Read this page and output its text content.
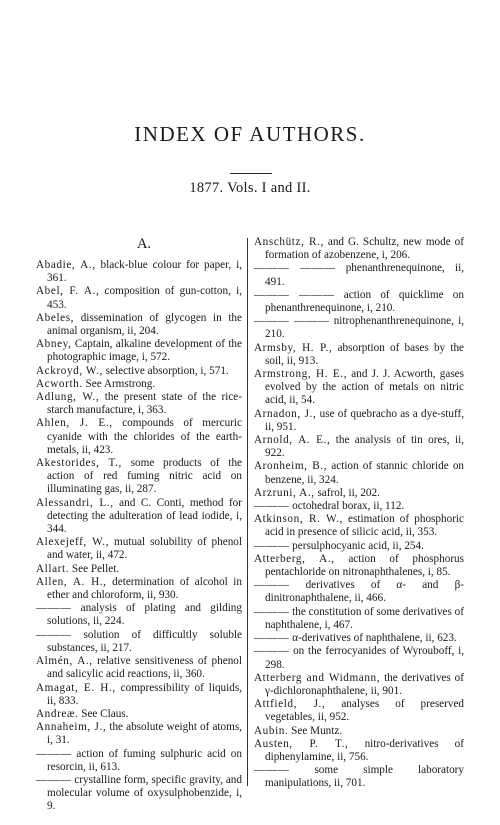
INDEX OF AUTHORS.
1877. Vols. I and II.
A.

Abadie, A., black-blue colour for paper, i, 361.

Abel, F. A., composition of gun-cotton, i, 453.

Abeles, dissemination of glycogen in the animal organism, ii, 204.

Abney, Captain, alkaline development of the photographic image, i, 572.

Ackroyd, W., selective absorption, i, 571.

Acworth. See Armstrong.

Adlung, W., the present state of the rice-starch manufacture, i, 363.

Ahlen, J. E., compounds of mercuric cyanide with the chlorides of the earth-metals, ii, 423.

Akestorides, T., some products of the action of red fuming nitric acid on illuminating gas, ii, 287.

Alessandri, L., and C. Conti, method for detecting the adulteration of lead iodide, i, 344.

Alexejeff, W., mutual solubility of phenol and water, ii, 472.

Allart. See Pellet.

Allen, A. H., determination of alcohol in ether and chloroform, ii, 930.

——— analysis of plating and gilding solutions, ii, 224.

——— solution of difficultly soluble substances, ii, 217.

Almén, A., relative sensitiveness of phenol and salicylic acid reactions, ii, 360.

Amagat, E. H., compressibility of liquids, ii, 833.

Andreæ. See Claus.

Annaheim, J., the absolute weight of atoms, i, 31.

——— action of fuming sulphuric acid on resorcin, ii, 613.

——— crystalline form, specific gravity, and molecular volume of oxysulphobenzide, i, 9.

Anschütz, R., and G. Schultz, new mode of formation of azobenzene, i, 206.

——— ——— phenanthrenequinone, ii, 491.

——— ——— action of quicklime on phenanthrenequinone, i, 210.

——— ——— nitrophenanthrenequinone, i, 210.

Armsby, H. P., absorption of bases by the soil, ii, 913.

Armstrong, H. E., and J. J. Acworth, gases evolved by the action of metals on nitric acid, ii, 54.

Arnadon, J., use of quebracho as a dye-stuff, ii, 951.

Arnold, A. E., the analysis of tin ores, ii, 922.

Aronheim, B., action of stannic chloride on benzene, ii, 324.

Arzruni, A., safrol, ii, 202.

——— octohedral borax, ii, 112.

Atkinson, R. W., estimation of phosphoric acid in presence of silicic acid, ii, 353.

——— persulphocyanic acid, ii, 254.

Atterberg, A., action of phosphorus pentachloride on nitronaphthalenes, i, 85.

——— derivatives of α- and β-dinitronaphthalene, ii, 466.

——— the constitution of some derivatives of naphthalene, i, 467.

——— α-derivatives of naphthalene, ii, 623.

——— on the ferrocyanides of Wyrouboff, i, 298.

Atterberg and Widmann, the derivatives of γ-dichloronaphthalene, ii, 901.

Attfield, J., analyses of preserved vegetables, ii, 952.

Aubin. See Muntz.

Austen, P. T., nitro-derivatives of diphenylamine, ii, 756.

——— some simple laboratory manipulations, ii, 701.
